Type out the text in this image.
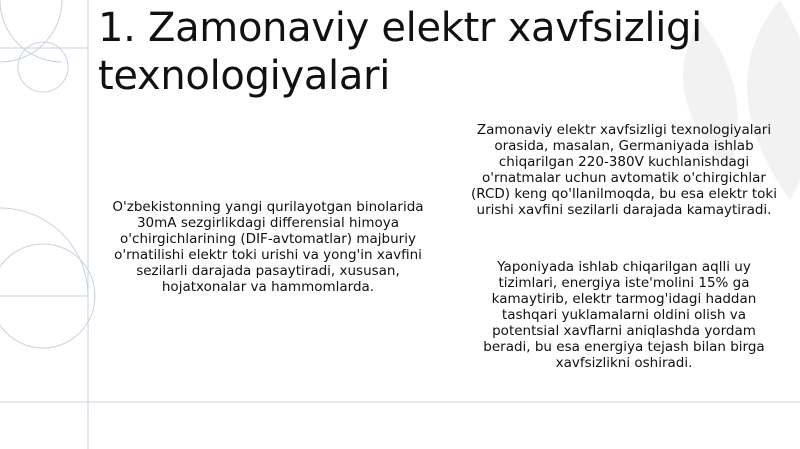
1. Zamonaviy elektr xavfsizligi texnologiyalari

O'zbekistonning yangi qurilayotgan binolarida 30mA sezgirlikdagi differensial himoya o'chirgichlarining (DIF-avtomatlar) majburiy o'rnatilishi elektr toki urishi va yong'in xavfini sezilarli darajada pasaytiradi, xususan, hojatxonalar va hammomlarda.

Zamonaviy elektr xavfsizligi texnologiyalari orasida, masalan, Germaniyada ishlab chiqarilgan 220-380V kuchlanishdagi o'rnatmalar uchun avtomatik o'chirgichlar (RCD) keng qo'llanilmoqda, bu esa elektr toki urishi xavfini sezilarli darajada kamaytiradi.

Yaponiyada ishlab chiqarilgan aqlli uy tizimlari, energiya iste'molini 15% ga kamaytirib, elektr tarmog'idagi haddan tashqari yuklamalarni oldini olish va potentsial xavflarni aniqlashda yordam beradi, bu esa energiya tejash bilan birga xavfsizlikni oshiradi.
